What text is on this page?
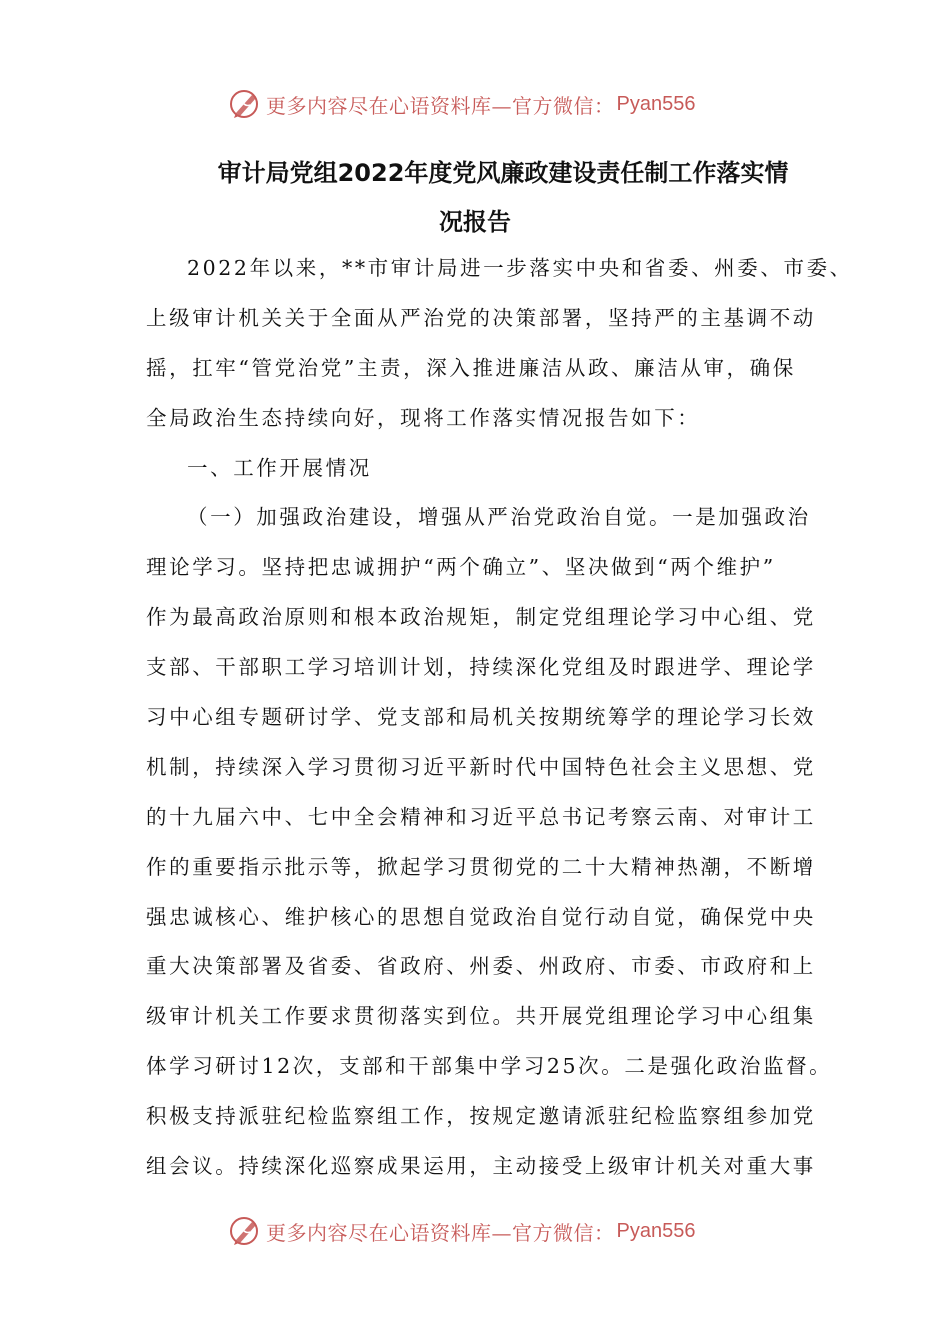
更多内容尽在心语资料库—官方微信： Pyan556
审计局党组2022年度党风廉政建设责任制工作落实情
况报告
2022年以来，**市审计局进一步落实中央和省委、州委、市委、
上级审计机关关于全面从严治党的决策部署，坚持严的主基调不动
摇，扛牢“管党治党”主责，深入推进廉洁从政、廉洁从审，确保
全局政治生态持续向好，现将工作落实情况报告如下：
一、工作开展情况
（一）加强政治建设，增强从严治党政治自觉。一是加强政治
理论学习。坚持把忠诚拥护“两个确立”、坚决做到“两个维护”
作为最高政治原则和根本政治规矩，制定党组理论学习中心组、党
支部、干部职工学习培训计划，持续深化党组及时跟进学、理论学
习中心组专题研讨学、党支部和局机关按期统筹学的理论学习长效
机制，持续深入学习贯彻习近平新时代中国特色社会主义思想、党
的十九届六中、七中全会精神和习近平总书记考察云南、对审计工
作的重要指示批示等，掀起学习贯彻党的二十大精神热潮，不断增
强忠诚核心、维护核心的思想自觉政治自觉行动自觉，确保党中央
重大决策部署及省委、省政府、州委、州政府、市委、市政府和上
级审计机关工作要求贯彻落实到位。共开展党组理论学习中心组集
体学习研讨12次，支部和干部集中学习25次。二是强化政治监督。
积极支持派驻纪检监察组工作，按规定邀请派驻纪检监察组参加党
组会议。持续深化巡察成果运用，主动接受上级审计机关对重大事
更多内容尽在心语资料库—官方微信： Pyan556
